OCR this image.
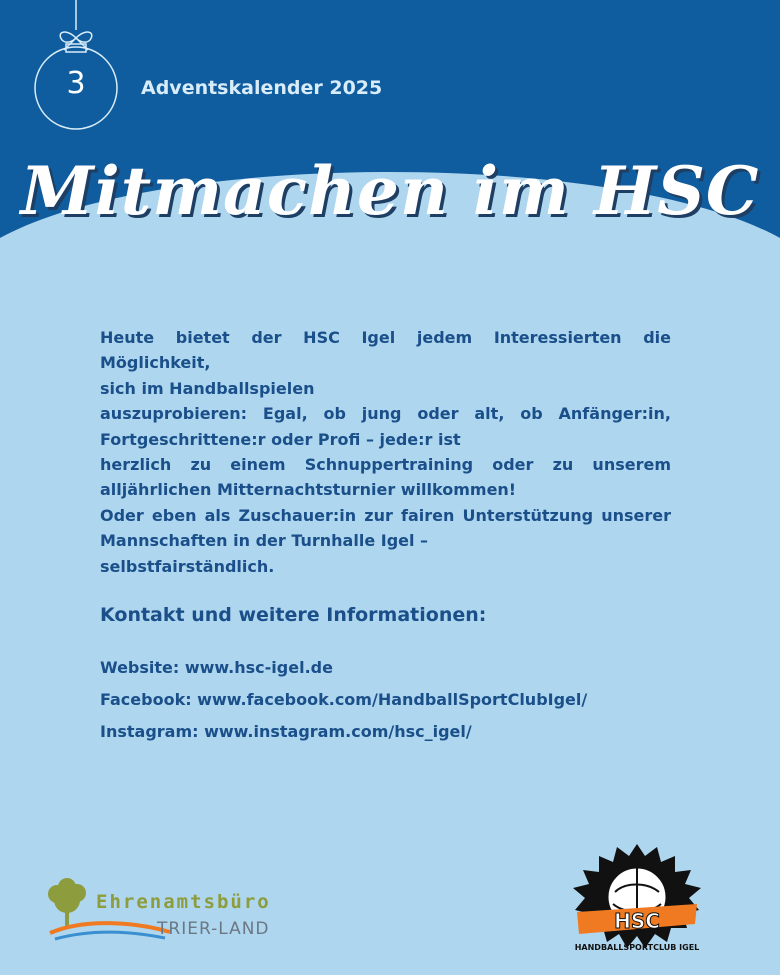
3	Adventskalender 2025
Mitmachen im HSC
Heute bietet der HSC Igel jedem Interessierten die Möglichkeit,
sich im Handballspielen
auszuprobieren: Egal, ob jung oder alt, ob Anfänger:in,
Fortgeschrittene:r oder Profi – jede:r ist
herzlich zu einem Schnuppertraining oder zu unserem
alljährlichen Mitternachtsturnier willkommen!
Oder eben als Zuschauer:in zur fairen Unterstützung unserer
Mannschaften in der Turnhalle Igel –
selbstfairständlich.
Kontakt und weitere Informationen:
Website: www.hsc-igel.de
Facebook: www.facebook.com/HandballSportClubIgel/
Instagram: www.instagram.com/hsc_igel/
Ehrenamtsbüro
TRIER-LAND	HSC
HANDBALLSPORTCLUB IGEL
